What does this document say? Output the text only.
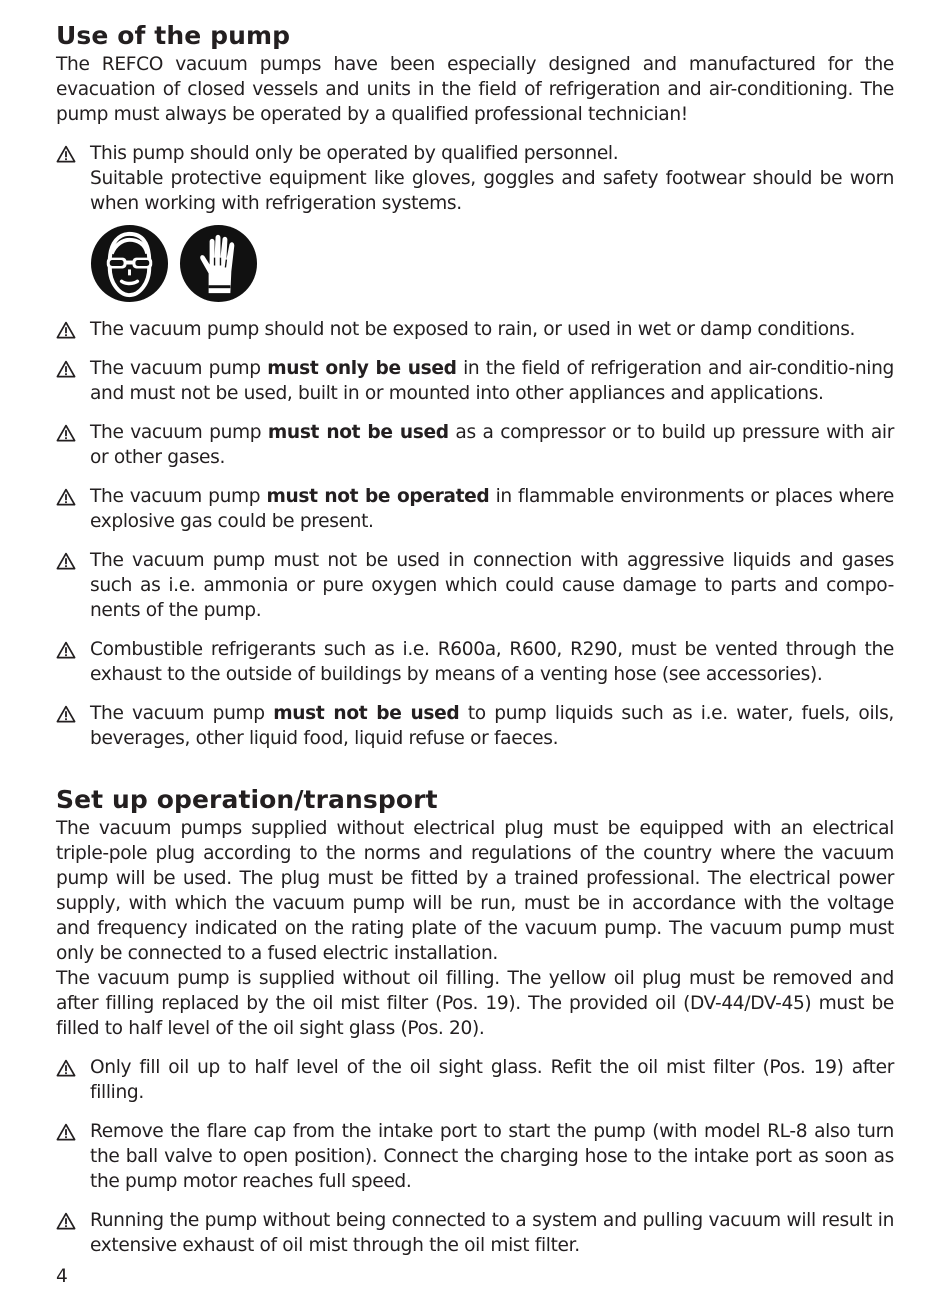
Use of the pump

The REFCO vacuum pumps have been especially designed and manufactured for the evacuation of closed vessels and units in the field of refrigeration and air-conditioning. The pump must always be operated by a qualified professional technician!

This pump should only be operated by qualified personnel.

Suitable protective equipment like gloves, goggles and safety footwear should be worn when working with refrigeration systems.

The vacuum pump should not be exposed to rain, or used in wet or damp conditions.

The vacuum pump must only be used in the field of refrigeration and air-conditio-ning and must not be used, built in or mounted into other appliances and applications.

The vacuum pump must not be used as a compressor or to build up pressure with air or other gases.

The vacuum pump must not be operated in flammable environments or places where explosive gas could be present.

The vacuum pump must not be used in connection with aggressive liquids and gases such as i.e. ammonia or pure oxygen which could cause damage to parts and compo-nents of the pump.

Combustible refrigerants such as i.e. R600a, R600, R290, must be vented through the exhaust to the outside of buildings by means of a venting hose (see accessories).

The vacuum pump must not be used to pump liquids such as i.e. water, fuels, oils, beverages, other liquid food, liquid refuse or faeces.

Set up operation/transport

The vacuum pumps supplied without electrical plug must be equipped with an electrical triple-pole plug according to the norms and regulations of the country where the vacuum pump will be used. The plug must be fitted by a trained professional. The electrical power supply, with which the vacuum pump will be run, must be in accordance with the voltage and frequency indicated on the rating plate of the vacuum pump. The vacuum pump must only be connected to a fused electric installation.

The vacuum pump is supplied without oil filling. The yellow oil plug must be removed and after filling replaced by the oil mist filter (Pos. 19). The provided oil (DV-44/DV-45) must be filled to half level of the oil sight glass (Pos. 20).

Only fill oil up to half level of the oil sight glass. Refit the oil mist filter (Pos. 19) after filling.

Remove the flare cap from the intake port to start the pump (with model RL-8 also turn the ball valve to open position). Connect the charging hose to the intake port as soon as the pump motor reaches full speed.

Running the pump without being connected to a system and pulling vacuum will result in extensive exhaust of oil mist through the oil mist filter.

4
